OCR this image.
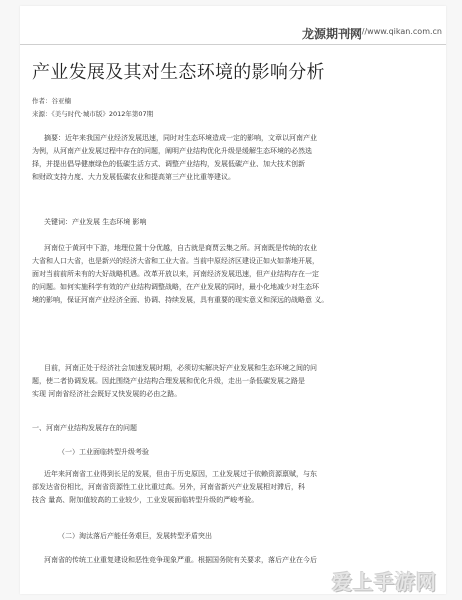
龙源期刊网
http://www.qikan.com.cn
产业发展及其对生态环境的影响分析
作者：谷亚楠
来源：《美与时代·城市版》2012年第07期
摘要：近年来我国产业经济发展迅速，同时对生态环境造成一定的影响，文章以河南产业
为例，从河南产业发展过程中存在的问题，阐明产业结构优化升级是缓解生态环境的必然选
择，并提出倡导健康绿色的低碳生活方式、调整产业结构，发展低碳产业、加大技术创新
和财政支持力度、大力发展低碳农业和提高第三产业比重等建议。
关键词：产业发展 生态环境 影响
河南位于黄河中下游，地理位置十分优越，自古就是商贾云集之所。河南既是传统的农业
大省和人口大省，也是新兴的经济大省和工业大省。当前中原经济区建设正如火如荼地开展，
面对当前前所未有的大好战略机遇。改革开放以来，河南经济发展迅速，但产业结构存在一定
的问题。如何实施科学有效的产业结构调整战略，在产业发展的同时，最小化地减少对生态环
境的影响，保证河南产业经济全面、协调、持续发展，具有重要的现实意义和深远的战略意 义。
目前，河南正处于经济社会加速发展时期，必须切实解决好产业发展和生态环境之间的问
题，使二者协调发展。因此围绕产业结构合理发展和优化升级，走出一条低碳发展之路是
实现 河南省经济社会既好又快发展的必由之路。
一、河南产业结构发展存在的问题
（一）工业面临转型升级考验
近年来河南省工业得到长足的发展，但由于历史原因，工业发展过于依赖资源禀赋，与东
部发达省份相比，河南省资源性工业比重过高。另外，河南省新兴产业发展相对滞后，科
技含 量高、附加值较高的工业较少，工业发展面临转型升级的严峻考验。
（二）淘汰落后产能任务艰巨，发展转型矛盾突出
河南省的传统工业重复建设和恶性竞争现象严重。根据国务院有关要求，落后产业在今后
爱上手游网
